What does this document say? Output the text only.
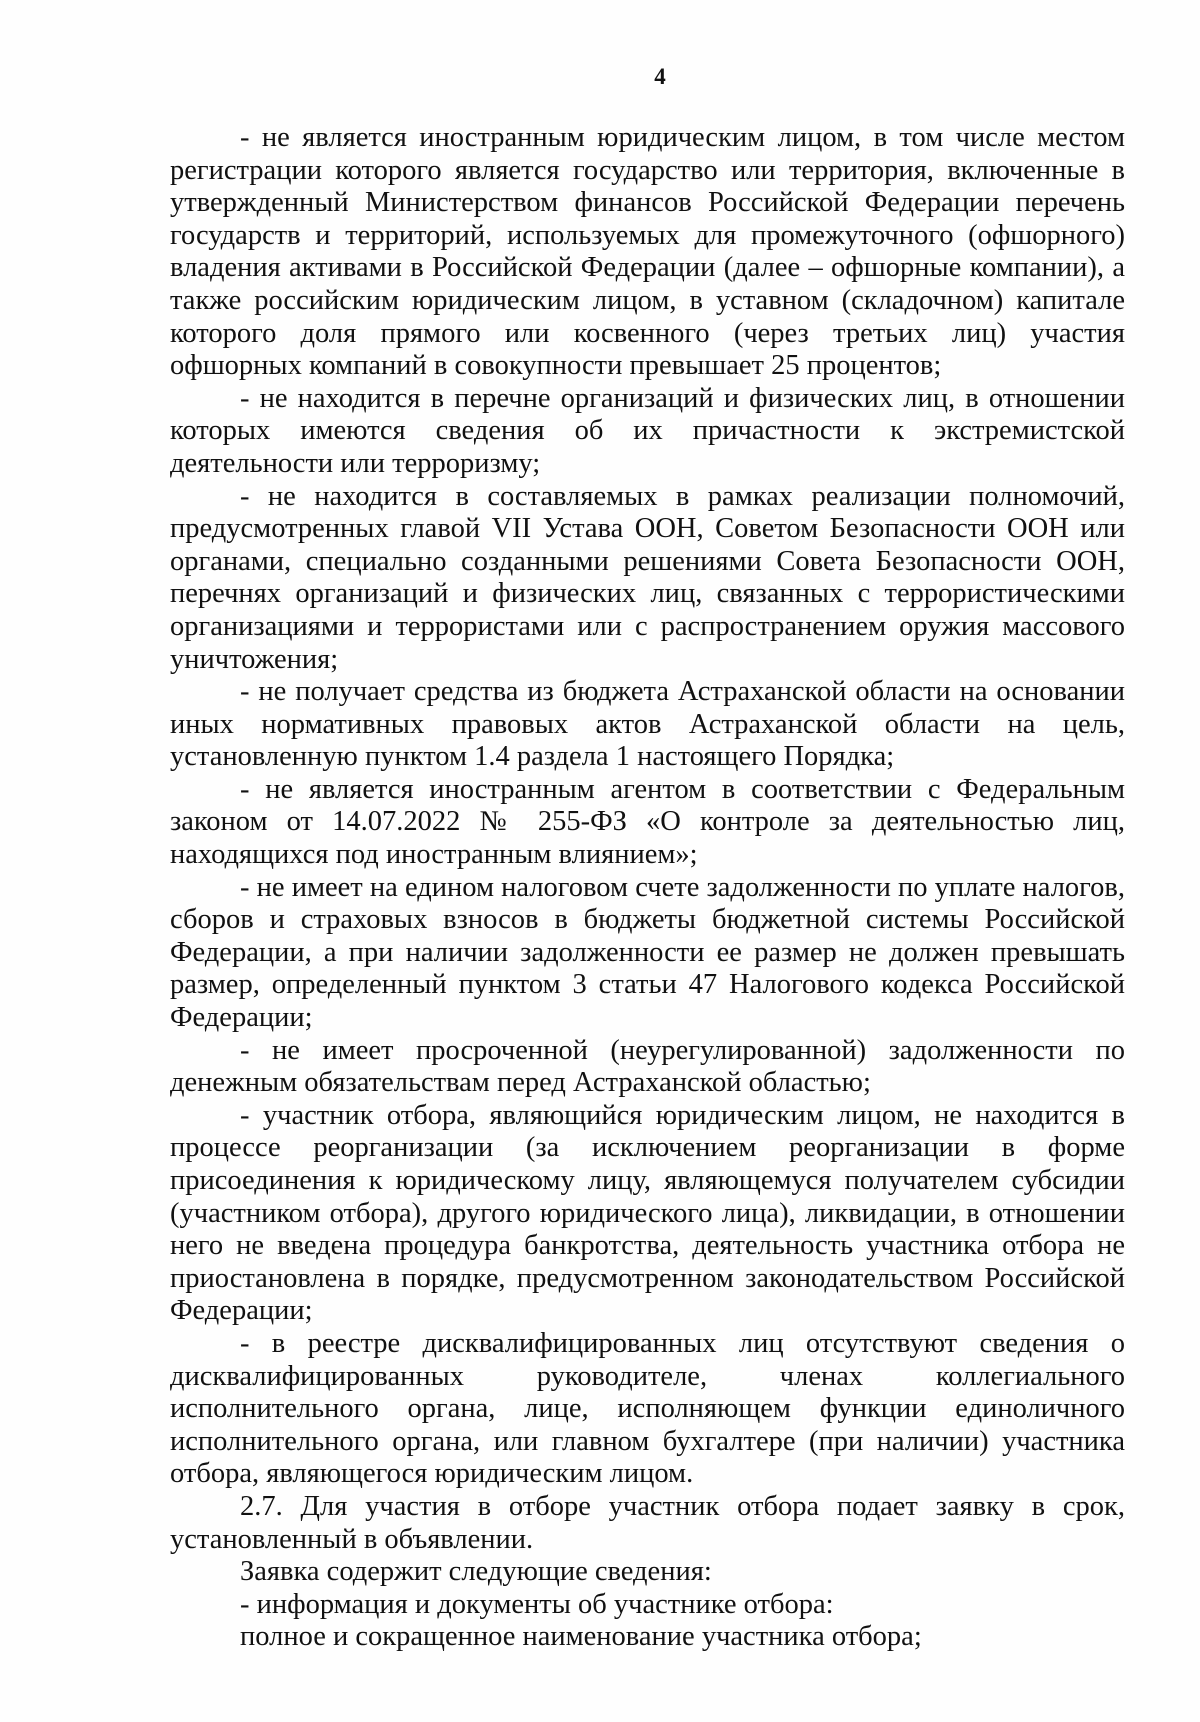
4

- не является иностранным юридическим лицом, в том числе местом регистрации которого является государство или территория, включенные в утвержденный Министерством финансов Российской Федерации перечень государств и территорий, используемых для промежуточного (офшорного) владения активами в Российской Федерации (далее – офшорные компании), а также российским юридическим лицом, в уставном (складочном) капитале которого доля прямого или косвенного (через третьих лиц) участия офшорных компаний в совокупности превышает 25 процентов;

- не находится в перечне организаций и физических лиц, в отношении которых имеются сведения об их причастности к экстремистской деятельности или терроризму;

- не находится в составляемых в рамках реализации полномочий, предусмотренных главой VII Устава ООН, Советом Безопасности ООН или органами, специально созданными решениями Совета Безопасности ООН, перечнях организаций и физических лиц, связанных с террористическими организациями и террористами или с распространением оружия массового уничтожения;

- не получает средства из бюджета Астраханской области на основании иных нормативных правовых актов Астраханской области на цель, установленную пунктом 1.4 раздела 1 настоящего Порядка;

- не является иностранным агентом в соответствии с Федеральным законом от 14.07.2022 № 255-ФЗ «О контроле за деятельностью лиц, находящихся под иностранным влиянием»;

- не имеет на едином налоговом счете задолженности по уплате налогов, сборов и страховых взносов в бюджеты бюджетной системы Российской Федерации, а при наличии задолженности ее размер не должен превышать размер, определенный пунктом 3 статьи 47 Налогового кодекса Российской Федерации;

- не имеет просроченной (неурегулированной) задолженности по денежным обязательствам перед Астраханской областью;

- участник отбора, являющийся юридическим лицом, не находится в процессе реорганизации (за исключением реорганизации в форме присоединения к юридическому лицу, являющемуся получателем субсидии (участником отбора), другого юридического лица), ликвидации, в отношении него не введена процедура банкротства, деятельность участника отбора не приостановлена в порядке, предусмотренном законодательством Российской Федерации;

- в реестре дисквалифицированных лиц отсутствуют сведения о дисквалифицированных руководителе, членах коллегиального исполнительного органа, лице, исполняющем функции единоличного исполнительного органа, или главном бухгалтере (при наличии) участника отбора, являющегося юридическим лицом.

2.7. Для участия в отборе участник отбора подает заявку в срок, установленный в объявлении.

Заявка содержит следующие сведения:

- информация и документы об участнике отбора:

полное и сокращенное наименование участника отбора;
